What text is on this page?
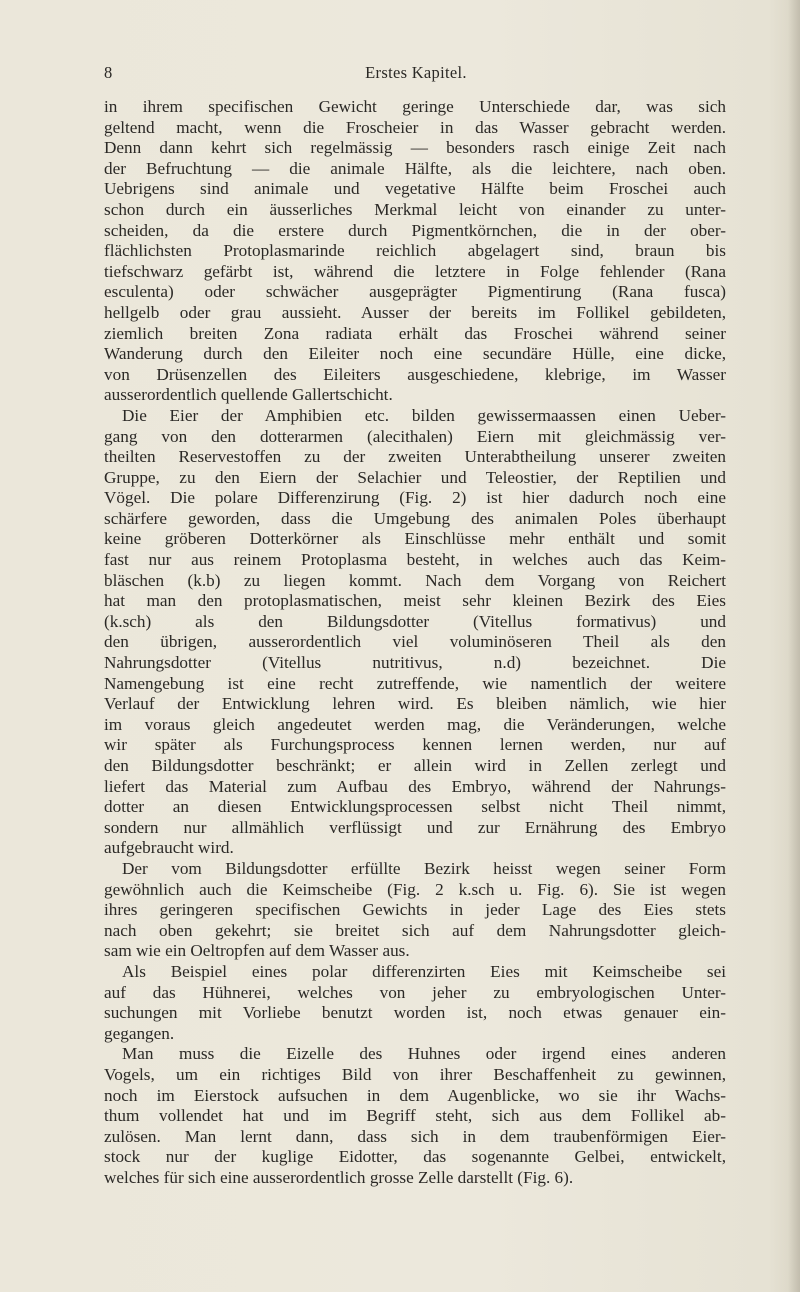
8	Erstes Kapitel.
in ihrem specifischen Gewicht geringe Unterschiede dar, was sich
geltend macht, wenn die Froscheier in das Wasser gebracht werden.
Denn dann kehrt sich regelmässig — besonders rasch einige Zeit nach
der Befruchtung — die animale Hälfte, als die leichtere, nach oben.
Uebrigens sind animale und vegetative Hälfte beim Froschei auch
schon durch ein äusserliches Merkmal leicht von einander zu unter-
scheiden, da die erstere durch Pigmentkörnchen, die in der ober-
flächlichsten Protoplasmarinde reichlich abgelagert sind, braun bis
tiefschwarz gefärbt ist, während die letztere in Folge fehlender (Rana
esculenta) oder schwächer ausgeprägter Pigmentirung (Rana fusca)
hellgelb oder grau aussieht. Ausser der bereits im Follikel gebildeten,
ziemlich breiten Zona radiata erhält das Froschei während seiner
Wanderung durch den Eileiter noch eine secundäre Hülle, eine dicke,
von Drüsenzellen des Eileiters ausgeschiedene, klebrige, im Wasser
ausserordentlich quellende Gallertschicht.
Die Eier der Amphibien etc. bilden gewissermaassen einen Ueber-
gang von den dotterarmen (alecithalen) Eiern mit gleichmässig ver-
theilten Reservestoffen zu der zweiten Unterabtheilung unserer zweiten
Gruppe, zu den Eiern der Selachier und Teleostier, der Reptilien und
Vögel. Die polare Differenzirung (Fig. 2) ist hier dadurch noch eine
schärfere geworden, dass die Umgebung des animalen Poles überhaupt
keine gröberen Dotterkörner als Einschlüsse mehr enthält und somit
fast nur aus reinem Protoplasma besteht, in welches auch das Keim-
bläschen (k.b) zu liegen kommt. Nach dem Vorgang von Reichert
hat man den protoplasmatischen, meist sehr kleinen Bezirk des Eies
(k.sch) als den Bildungsdotter (Vitellus formativus) und
den übrigen, ausserordentlich viel voluminöseren Theil als den
Nahrungsdotter (Vitellus nutritivus, n.d) bezeichnet. Die
Namengebung ist eine recht zutreffende, wie namentlich der weitere
Verlauf der Entwicklung lehren wird. Es bleiben nämlich, wie hier
im voraus gleich angedeutet werden mag, die Veränderungen, welche
wir später als Furchungsprocess kennen lernen werden, nur auf
den Bildungsdotter beschränkt; er allein wird in Zellen zerlegt und
liefert das Material zum Aufbau des Embryo, während der Nahrungs-
dotter an diesen Entwicklungsprocessen selbst nicht Theil nimmt,
sondern nur allmählich verflüssigt und zur Ernährung des Embryo
aufgebraucht wird.
Der vom Bildungsdotter erfüllte Bezirk heisst wegen seiner Form
gewöhnlich auch die Keimscheibe (Fig. 2 k.sch u. Fig. 6). Sie ist wegen
ihres geringeren specifischen Gewichts in jeder Lage des Eies stets
nach oben gekehrt; sie breitet sich auf dem Nahrungsdotter gleich-
sam wie ein Oeltropfen auf dem Wasser aus.
Als Beispiel eines polar differenzirten Eies mit Keimscheibe sei
auf das Hühnerei, welches von jeher zu embryologischen Unter-
suchungen mit Vorliebe benutzt worden ist, noch etwas genauer ein-
gegangen.
Man muss die Eizelle des Huhnes oder irgend eines anderen
Vogels, um ein richtiges Bild von ihrer Beschaffenheit zu gewinnen,
noch im Eierstock aufsuchen in dem Augenblicke, wo sie ihr Wachs-
thum vollendet hat und im Begriff steht, sich aus dem Follikel ab-
zulösen. Man lernt dann, dass sich in dem traubenförmigen Eier-
stock nur der kuglige Eidotter, das sogenannte Gelbei, entwickelt,
welches für sich eine ausserordentlich grosse Zelle darstellt (Fig. 6).
